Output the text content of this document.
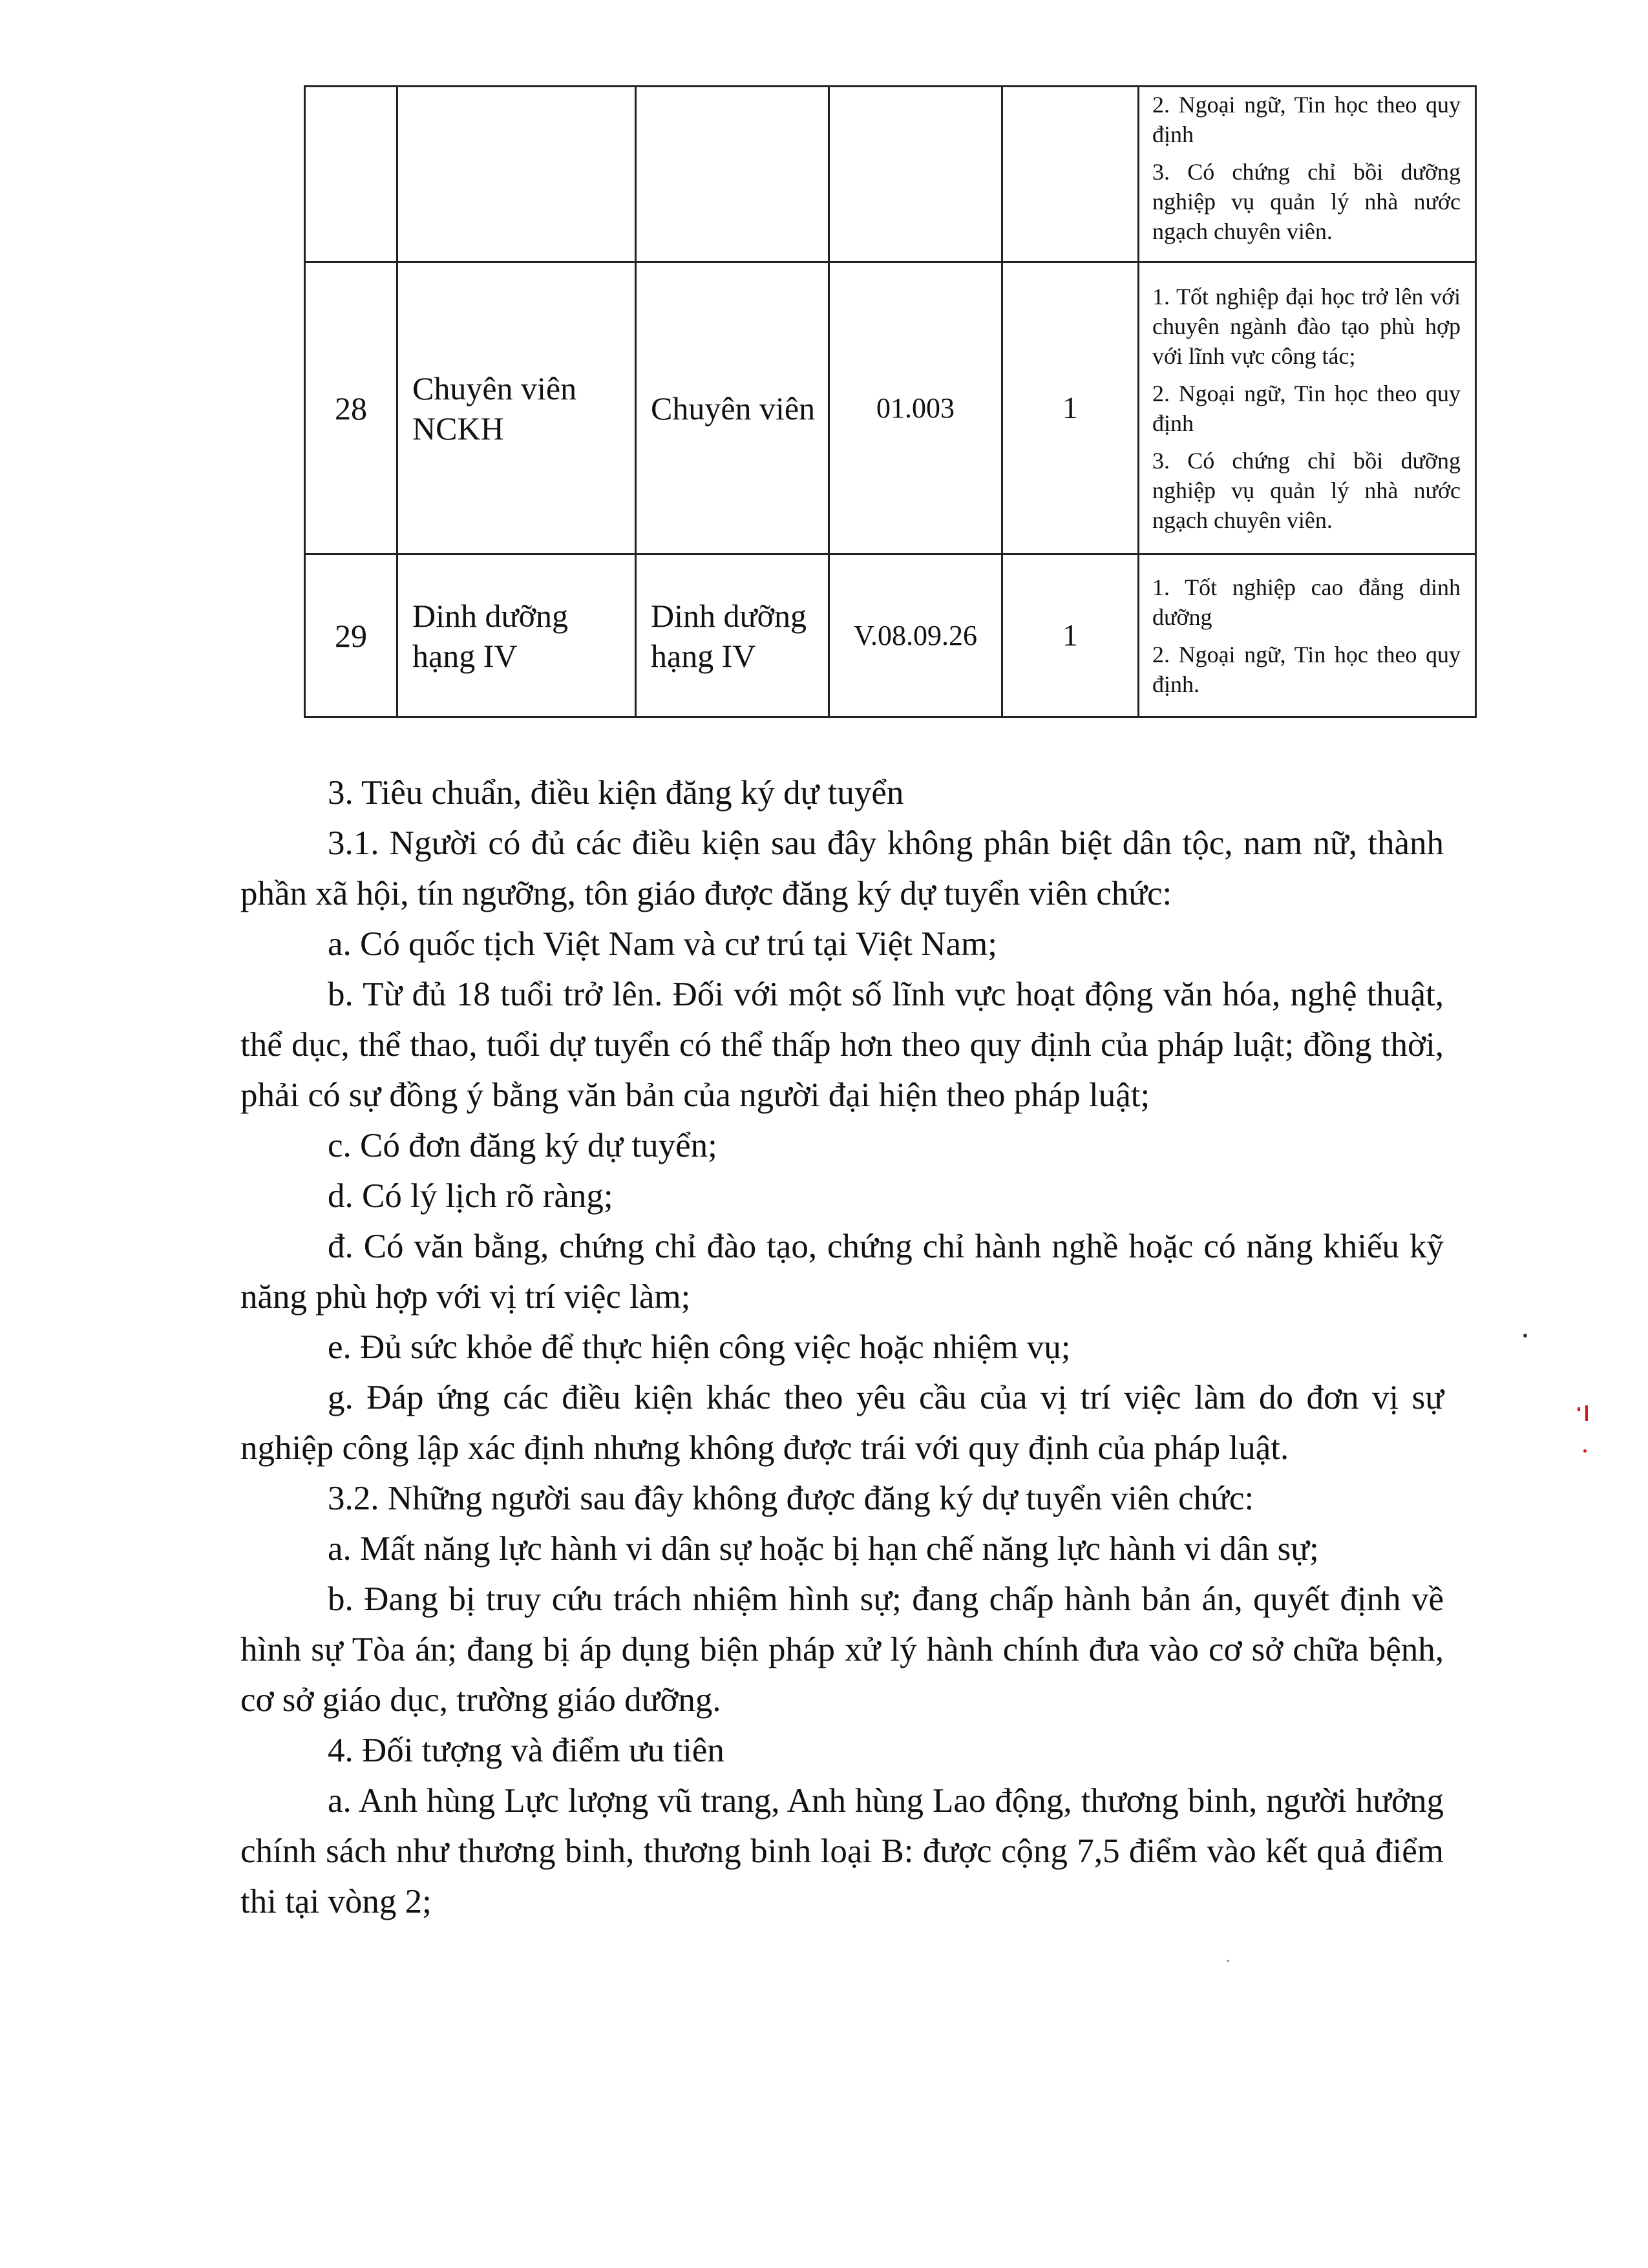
					2. Ngoại ngữ, Tin học theo quy định

3. Có chứng chỉ bồi dưỡng nghiệp vụ quản lý nhà nước ngạch chuyên viên.

28	Chuyên viên NCKH	Chuyên viên	01.003	1	1. Tốt nghiệp đại học trở lên với chuyên ngành đào tạo phù hợp với lĩnh vực công tác;

2. Ngoại ngữ, Tin học theo quy định

3. Có chứng chỉ bồi dưỡng nghiệp vụ quản lý nhà nước ngạch chuyên viên.

29	Dinh dưỡng hạng IV	Dinh dưỡng hạng IV	V.08.09.26	1	1. Tốt nghiệp cao đẳng dinh dưỡng

2. Ngoại ngữ, Tin học theo quy định.

3. Tiêu chuẩn, điều kiện đăng ký dự tuyển

3.1. Người có đủ các điều kiện sau đây không phân biệt dân tộc, nam nữ, thành phần xã hội, tín ngưỡng, tôn giáo được đăng ký dự tuyển viên chức:

a. Có quốc tịch Việt Nam và cư trú tại Việt Nam;

b. Từ đủ 18 tuổi trở lên. Đối với một số lĩnh vực hoạt động văn hóa, nghệ thuật, thể dục, thể thao, tuổi dự tuyển có thể thấp hơn theo quy định của pháp luật; đồng thời, phải có sự đồng ý bằng văn bản của người đại hiện theo pháp luật;

c. Có đơn đăng ký dự tuyển;

d. Có lý lịch rõ ràng;

đ. Có văn bằng, chứng chỉ đào tạo, chứng chỉ hành nghề hoặc có năng khiếu kỹ năng phù hợp với vị trí việc làm;

e. Đủ sức khỏe để thực hiện công việc hoặc nhiệm vụ;

g. Đáp ứng các điều kiện khác theo yêu cầu của vị trí việc làm do đơn vị sự nghiệp công lập xác định nhưng không được trái với quy định của pháp luật.

3.2. Những người sau đây không được đăng ký dự tuyển viên chức:

a. Mất năng lực hành vi dân sự hoặc bị hạn chế năng lực hành vi dân sự;

b. Đang bị truy cứu trách nhiệm hình sự; đang chấp hành bản án, quyết định về hình sự Tòa án; đang bị áp dụng biện pháp xử lý hành chính đưa vào cơ sở chữa bệnh, cơ sở giáo dục, trường giáo dưỡng.

4. Đối tượng và điểm ưu tiên

a. Anh hùng Lực lượng vũ trang, Anh hùng Lao động, thương binh, người hưởng chính sách như thương binh, thương binh loại B: được cộng 7,5 điểm vào kết quả điểm thi tại vòng 2;
